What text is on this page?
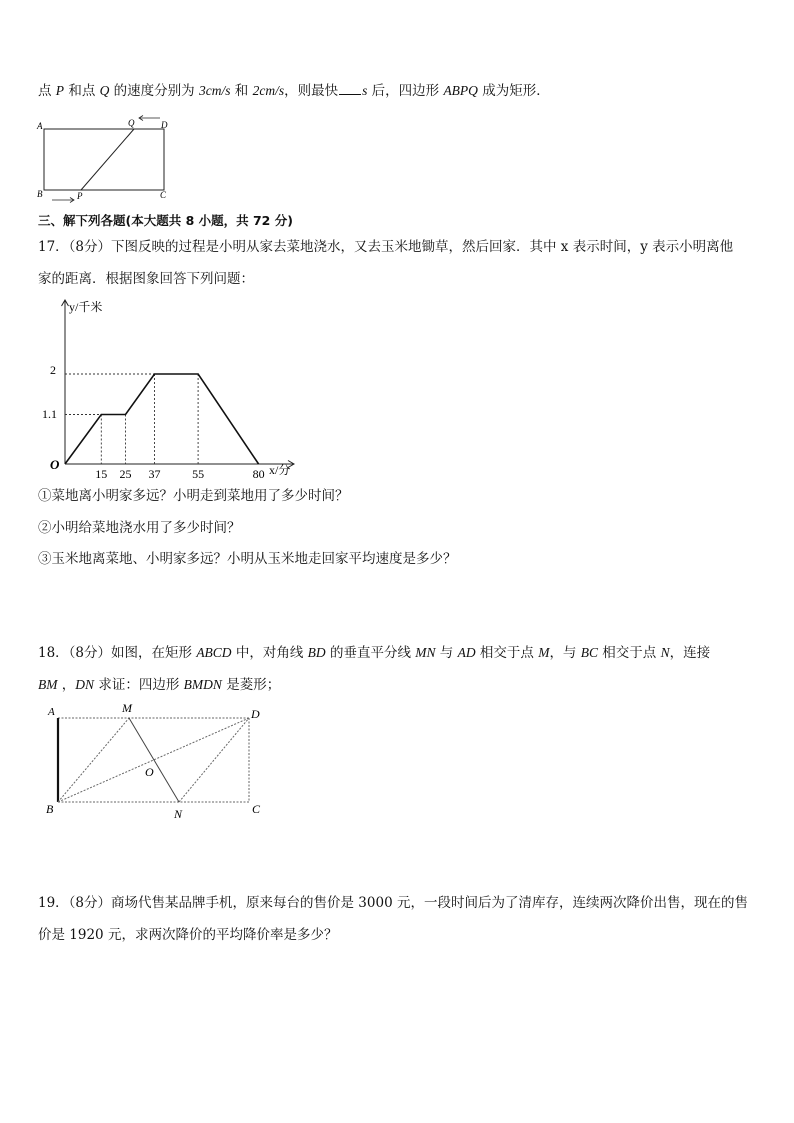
点 P 和点 Q 的速度分别为 3cm/s 和 2cm/s，则最快 s 后，四边形 ABPQ 成为矩形．
A
B	C
D
P
Q
三、解下列各题(本大题共 8 小题，共 72 分)
17．（8分）下图反映的过程是小明从家去菜地浇水，又去玉米地锄草，然后回家．其中 x 表示时间，y 表示小明离他
家的距离．根据图象回答下列问题：
y/千米
x/分
O
2
1.1
15 25 37	55	80
①菜地离小明家多远？小明走到菜地用了多少时间？
②小明给菜地浇水用了多少时间？
③玉米地离菜地、小明家多远？小明从玉米地走回家平均速度是多少？
18．（8分）如图，在矩形 ABCD 中，对角线 BD 的垂直平分线 MN 与 AD 相交于点 M，与 BC 相交于点 N，连接
BM ，DN 求证：四边形 BMDN 是菱形；
A	M	D
O
B	N	C
19．（8分）商场代售某品牌手机，原来每台的售价是 3000 元，一段时间后为了清库存，连续两次降价出售，现在的售
价是 1920 元，求两次降价的平均降价率是多少？
